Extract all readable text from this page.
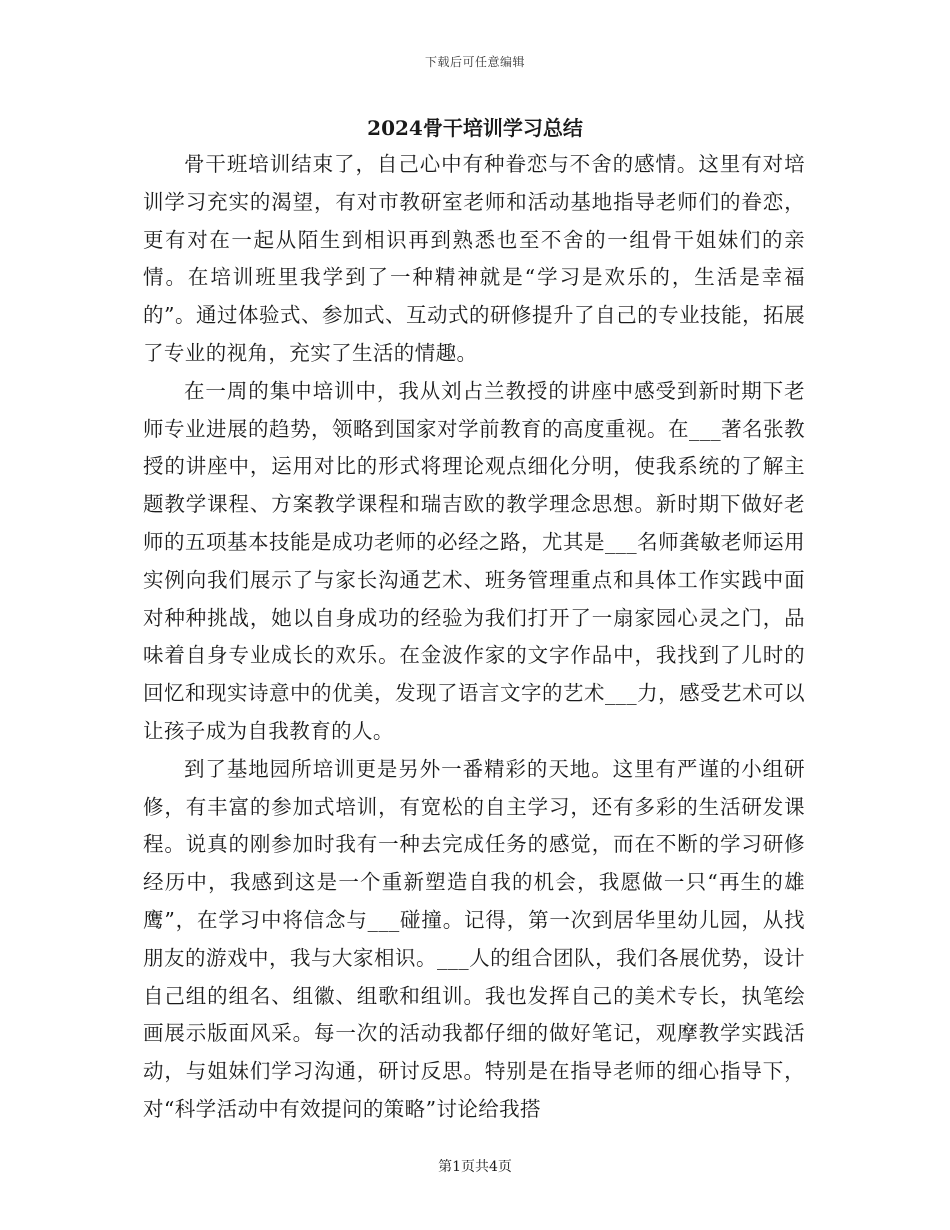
下载后可任意编辑
2024骨干培训学习总结

骨干班培训结束了，自己心中有种眷恋与不舍的感情。这里有对培训学习充实的渴望，有对市教研室老师和活动基地指导老师们的眷恋，更有对在一起从陌生到相识再到熟悉也至不舍的一组骨干姐妹们的亲情。在培训班里我学到了一种精神就是“学习是欢乐的，生活是幸福的”。通过体验式、参加式、互动式的研修提升了自己的专业技能，拓展了专业的视角，充实了生活的情趣。

在一周的集中培训中，我从刘占兰教授的讲座中感受到新时期下老师专业进展的趋势，领略到国家对学前教育的高度重视。在___著名张教授的讲座中，运用对比的形式将理论观点细化分明，使我系统的了解主题教学课程、方案教学课程和瑞吉欧的教学理念思想。新时期下做好老师的五项基本技能是成功老师的必经之路，尤其是___名师龚敏老师运用实例向我们展示了与家长沟通艺术、班务管理重点和具体工作实践中面对种种挑战，她以自身成功的经验为我们打开了一扇家园心灵之门，品味着自身专业成长的欢乐。在金波作家的文字作品中，我找到了儿时的回忆和现实诗意中的优美，发现了语言文字的艺术___力，感受艺术可以让孩子成为自我教育的人。

到了基地园所培训更是另外一番精彩的天地。这里有严谨的小组研修，有丰富的参加式培训，有宽松的自主学习，还有多彩的生活研发课程。说真的刚参加时我有一种去完成任务的感觉，而在不断的学习研修经历中，我感到这是一个重新塑造自我的机会，我愿做一只“再生的雄鹰”，在学习中将信念与___碰撞。记得，第一次到居华里幼儿园，从找朋友的游戏中，我与大家相识。___人的组合团队，我们各展优势，设计自己组的组名、组徽、组歌和组训。我也发挥自己的美术专长，执笔绘画展示版面风采。每一次的活动我都仔细的做好笔记，观摩教学实践活动，与姐妹们学习沟通，研讨反思。特别是在指导老师的细心指导下，对“科学活动中有效提问的策略”讨论给我搭

第1页共4页
